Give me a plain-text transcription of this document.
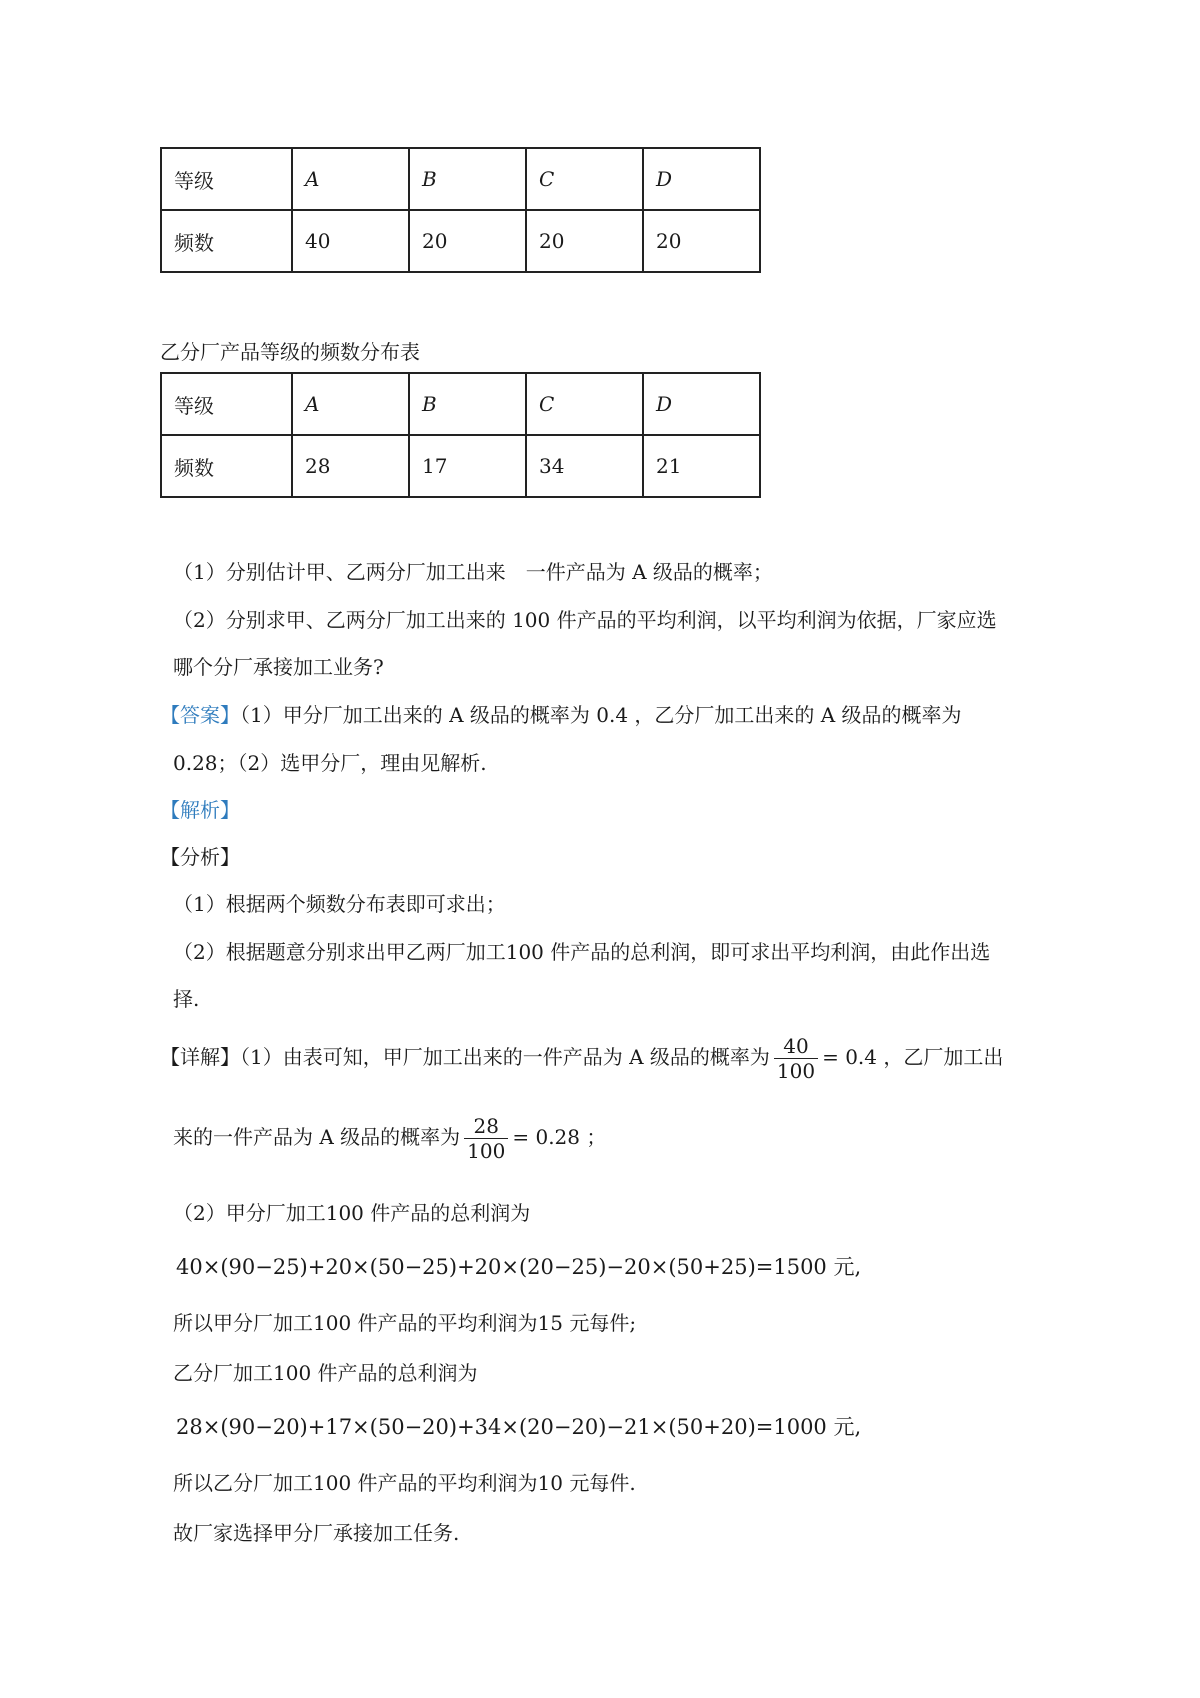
等级	A	B	C	D
频数	40	20	20	20
乙分厂产品等级的频数分布表
等级	A	B	C	D
频数	28	17	34	21
（1）分别估计甲、乙两分厂加工出来　一件产品为 A 级品的概率；
（2）分别求甲、乙两分厂加工出来的 100 件产品的平均利润，以平均利润为依据，厂家应选
哪个分厂承接加工业务?
【答案】（1）甲分厂加工出来的 A 级品的概率为 0.4 ，乙分厂加工出来的 A 级品的概率为
0.28；（2）选甲分厂，理由见解析.
【解析】
【分析】
（1）根据两个频数分布表即可求出；
（2）根据题意分别求出甲乙两厂加工100 件产品的总利润，即可求出平均利润，由此作出选
择.
【详解】（1）由表可知，甲厂加工出来的一件产品为 A 级品的概率为 $\frac{40}{100} = 0.4$ ，乙厂加工出
来的一件产品为 A 级品的概率为 $\frac{28}{100} = 0.28$ ；
（2）甲分厂加工100 件产品的总利润为
40×(90−25)+20×(50−25)+20×(20−25)−20×(50+25)=1500 元,
所以甲分厂加工100 件产品的平均利润为15 元每件;
乙分厂加工100 件产品的总利润为
28×(90−20)+17×(50−20)+34×(20−20)−21×(50+20)=1000 元,
所以乙分厂加工100 件产品的平均利润为10 元每件.
故厂家选择甲分厂承接加工任务.
